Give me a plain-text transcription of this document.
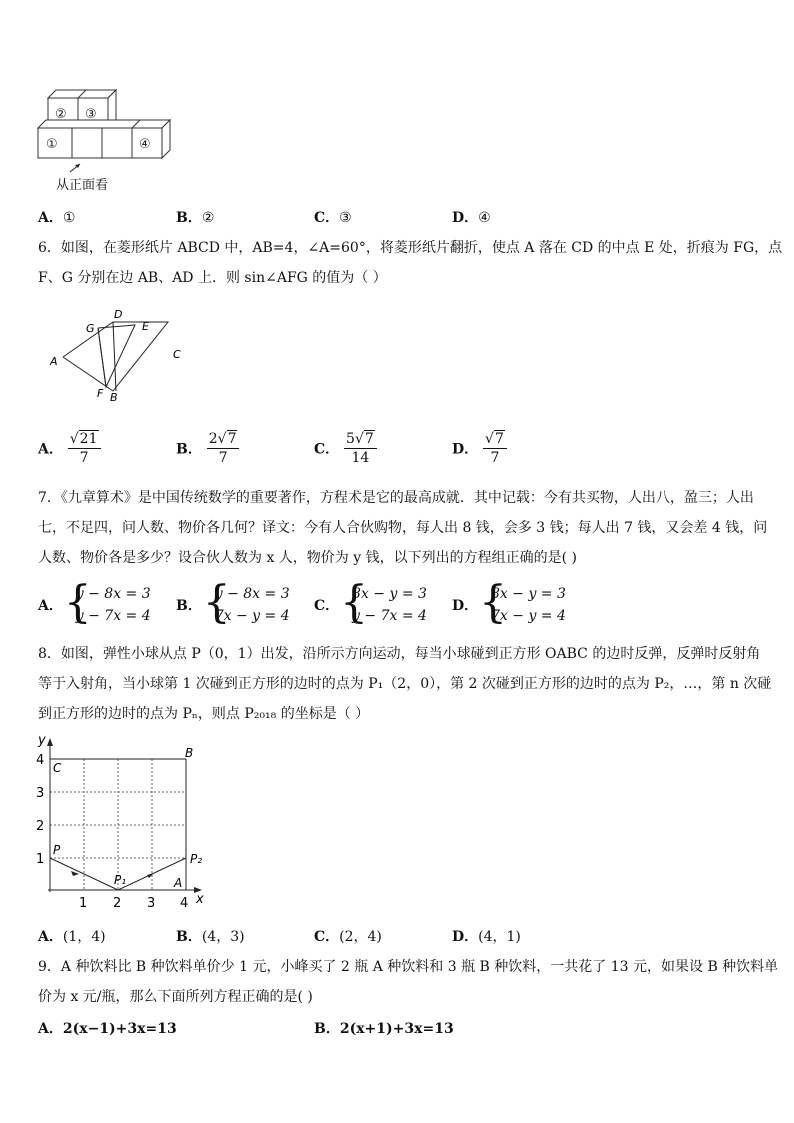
② ③
①	④
从正面看
A．①	B．②	C．③	D．④
6．如图，在菱形纸片 ABCD 中，AB=4，∠A=60°，将菱形纸片翻折，使点 A 落在 CD 的中点 E 处，折痕为 FG，点
F、G 分别在边 AB、AD 上．则 sin∠AFG 的值为（ ）
A
B
C
D
E
F
G
A． $\frac{√21}{7}$	B． $\frac{2√7}{7}$	C． $\frac{5√7}{14}$	D． $\frac{√7}{7}$
7．《九章算术》是中国传统数学的重要著作，方程术是它的最高成就．其中记载：今有共买物，人出八，盈三；人出
七，不足四，问人数、物价各几何？译文：今有人合伙购物，每人出 8 钱，会多 3 钱；每人出 7 钱，又会差 4 钱，问
人数、物价各是多少？设合伙人数为 x 人，物价为 y 钱，以下列出的方程组正确的是( )
A．
{ y − 8x = 3
y − 7x = 4
B．
{ y − 8x = 3
7x − y = 4
C．
{ 8x − y = 3
y − 7x = 4
D．
{ 8x − y = 3
7x − y = 4
8．如图，弹性小球从点 P（0，1）出发，沿所示方向运动，每当小球碰到正方形 OABC 的边时反弹，反弹时反射角
等于入射角，当小球第 1 次碰到正方形的边时的点为 P₁（2，0），第 2 次碰到正方形的边时的点为 P₂，…，第 n 次碰
到正方形的边时的点为 Pₙ，则点 P₂₀₁₈ 的坐标是（ ）
y
x
4
3
2
1
1 2 3 4
C
B
P
P₂
P₁	A
A．(1，4)	B．(4，3)	C．(2，4)	D．(4，1)
9．A 种饮料比 B 种饮料单价少 1 元，小峰买了 2 瓶 A 种饮料和 3 瓶 B 种饮料，一共花了 13 元，如果设 B 种饮料单
价为 x 元/瓶，那么下面所列方程正确的是( )
A．2(x−1)+3x=13	B．2(x+1)+3x=13
